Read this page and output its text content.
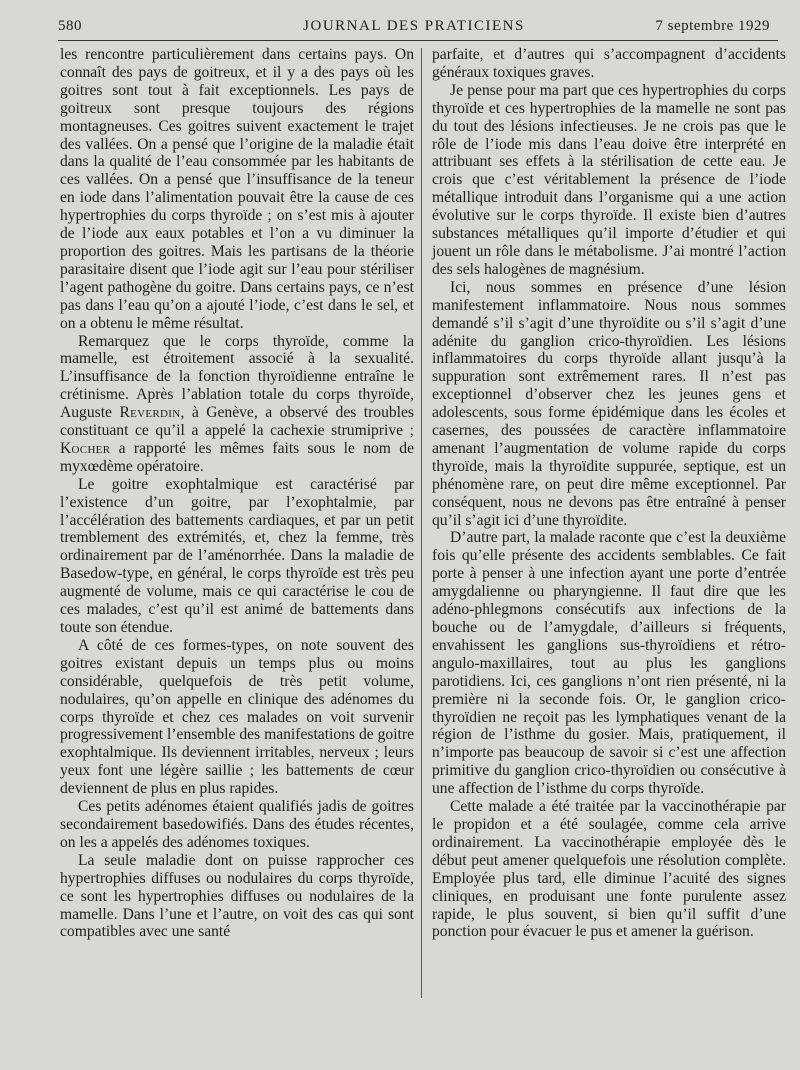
580	JOURNAL DES PRATICIENS	7 septembre 1929

les rencontre particulièrement dans certains pays. On connaît des pays de goitreux, et il y a des pays où les goitres sont tout à fait exceptionnels. Les pays de goitreux sont presque toujours des régions montagneuses. Ces goitres suivent exactement le trajet des vallées. On a pensé que l’origine de la maladie était dans la qualité de l’eau consommée par les habitants de ces vallées. On a pensé que l’insuffisance de la teneur en iode dans l’alimentation pouvait être la cause de ces hypertrophies du corps thyroïde ; on s’est mis à ajouter de l’iode aux eaux potables et l’on a vu diminuer la proportion des goitres. Mais les partisans de la théorie parasitaire disent que l’iode agit sur l’eau pour stériliser l’agent pathogène du goitre. Dans certains pays, ce n’est pas dans l’eau qu’on a ajouté l’iode, c’est dans le sel, et on a obtenu le même résultat.

Remarquez que le corps thyroïde, comme la mamelle, est étroitement associé à la sexualité. L’insuffisance de la fonction thyroïdienne entraîne le crétinisme. Après l’ablation totale du corps thyroïde, Auguste Reverdin, à Genève, a observé des troubles constituant ce qu’il a appelé la cachexie strumiprive ; Kocher a rapporté les mêmes faits sous le nom de myxœdème opératoire.

Le goitre exophtalmique est caractérisé par l’existence d’un goitre, par l’exophtalmie, par l’accélération des battements cardiaques, et par un petit tremblement des extrémités, et, chez la femme, très ordinairement par de l’aménorrhée. Dans la maladie de Basedow-type, en général, le corps thyroïde est très peu augmenté de volume, mais ce qui caractérise le cou de ces malades, c’est qu’il est animé de battements dans toute son étendue.

A côté de ces formes-types, on note souvent des goitres existant depuis un temps plus ou moins considérable, quelquefois de très petit volume, nodulaires, qu’on appelle en clinique des adénomes du corps thyroïde et chez ces malades on voit survenir progressivement l’ensemble des manifestations de goitre exophtalmique. Ils deviennent irritables, nerveux ; leurs yeux font une légère saillie ; les battements de cœur deviennent de plus en plus rapides.

Ces petits adénomes étaient qualifiés jadis de goitres secondairement basedowifiés. Dans des études récentes, on les a appelés des adénomes toxiques.

La seule maladie dont on puisse rapprocher ces hypertrophies diffuses ou nodulaires du corps thyroïde, ce sont les hypertrophies diffuses ou nodulaires de la mamelle. Dans l’une et l’autre, on voit des cas qui sont compatibles avec une santé

parfaite, et d’autres qui s’accompagnent d’accidents généraux toxiques graves.

Je pense pour ma part que ces hypertrophies du corps thyroïde et ces hypertrophies de la mamelle ne sont pas du tout des lésions infectieuses. Je ne crois pas que le rôle de l’iode mis dans l’eau doive être interprété en attribuant ses effets à la stérilisation de cette eau. Je crois que c’est véritablement la présence de l’iode métallique introduit dans l’organisme qui a une action évolutive sur le corps thyroïde. Il existe bien d’autres substances métalliques qu’il importe d’étudier et qui jouent un rôle dans le métabolisme. J’ai montré l’action des sels halogènes de magnésium.

Ici, nous sommes en présence d’une lésion manifestement inflammatoire. Nous nous sommes demandé s’il s’agit d’une thyroïdite ou s’il s’agit d’une adénite du ganglion crico-thyroïdien. Les lésions inflammatoires du corps thyroïde allant jusqu’à la suppuration sont extrêmement rares. Il n’est pas exceptionnel d’observer chez les jeunes gens et adolescents, sous forme épidémique dans les écoles et casernes, des poussées de caractère inflammatoire amenant l’augmentation de volume rapide du corps thyroïde, mais la thyroïdite suppurée, septique, est un phénomène rare, on peut dire même exceptionnel. Par conséquent, nous ne devons pas être entraîné à penser qu’il s’agit ici d’une thyroïdite.

D’autre part, la malade raconte que c’est la deuxième fois qu’elle présente des accidents semblables. Ce fait porte à penser à une infection ayant une porte d’entrée amygdalienne ou pharyngienne. Il faut dire que les adéno-phlegmons consécutifs aux infections de la bouche ou de l’amygdale, d’ailleurs si fréquents, envahissent les ganglions sus-thyroïdiens et rétro-angulo-maxillaires, tout au plus les ganglions parotidiens. Ici, ces ganglions n’ont rien présenté, ni la première ni la seconde fois. Or, le ganglion crico-thyroïdien ne reçoit pas les lymphatiques venant de la région de l’isthme du gosier. Mais, pratiquement, il n’importe pas beaucoup de savoir si c’est une affection primitive du ganglion crico-thyroïdien ou consécutive à une affection de l’isthme du corps thyroïde.

Cette malade a été traitée par la vaccinothérapie par le propidon et a été soulagée, comme cela arrive ordinairement. La vaccinothérapie employée dès le début peut amener quelquefois une résolution complète. Employée plus tard, elle diminue l’acuité des signes cliniques, en produisant une fonte purulente assez rapide, le plus souvent, si bien qu’il suffit d’une ponction pour évacuer le pus et amener la guérison.
